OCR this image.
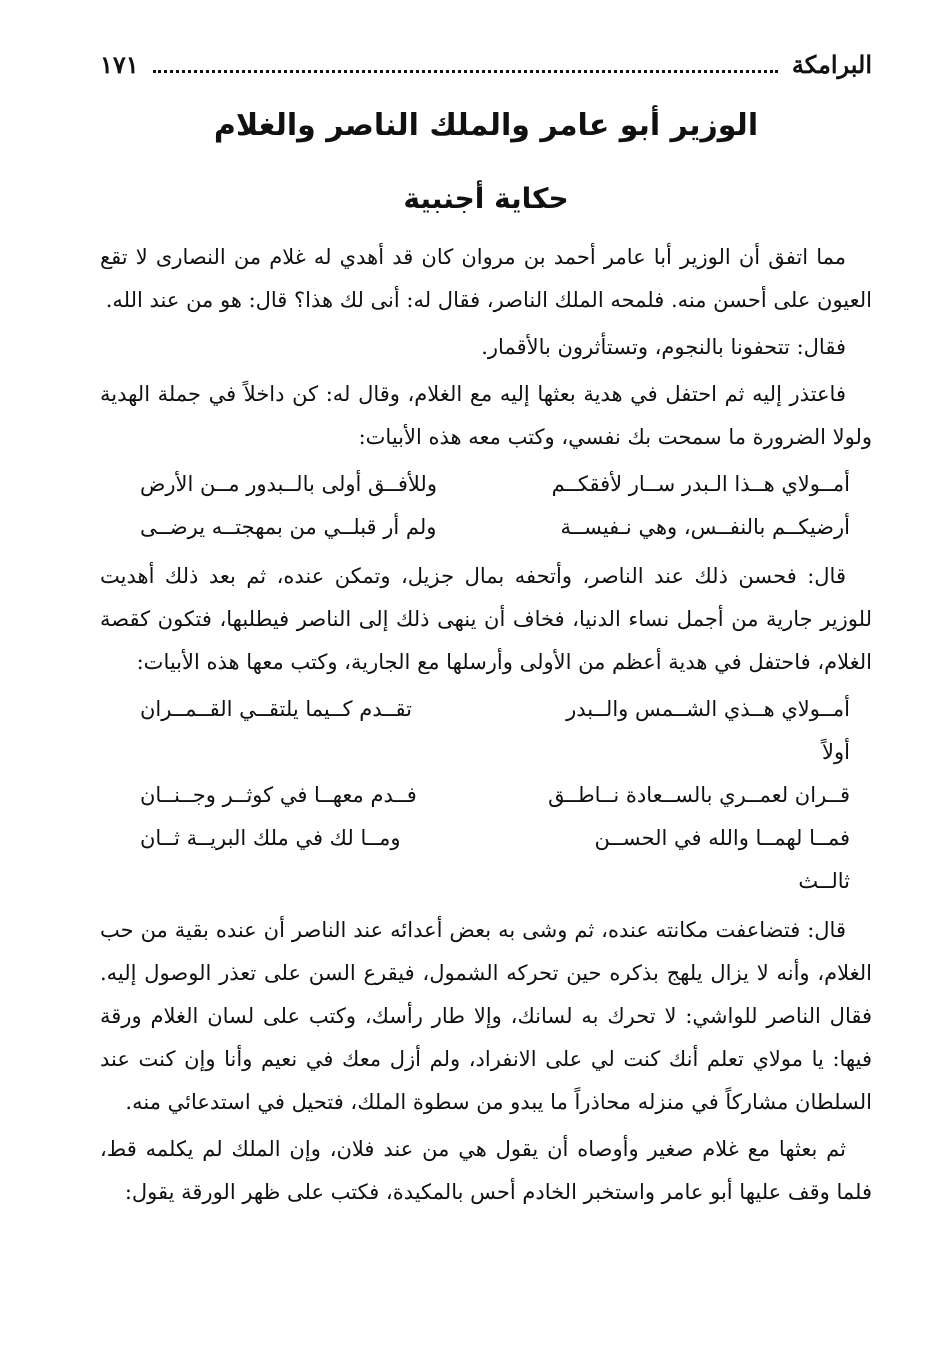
البرامكة
١٧١
الوزير أبو عامر والملك الناصر والغلام
حكاية أجنبية

مما اتفق أن الوزير أبا عامر أحمد بن مروان كان قد أهدي له غلام من النصارى لا تقع العيون على أحسن منه. فلمحه الملك الناصر، فقال له: أنى لك هذا؟ قال: هو من عند الله.

فقال: تتحفونا بالنجوم، وتستأثرون بالأقمار.

فاعتذر إليه ثم احتفل في هدية بعثها إليه مع الغلام، وقال له: كن داخلاً في جملة الهدية ولولا الضرورة ما سمحت بك نفسي، وكتب معه هذه الأبيات:

أمــولاي هــذا الـبدر ســار لأفقكــم
وللأفــق أولى بالــبدور مــن الأرض
أرضيكــم بالنفــس، وهي نـفيســة
ولم أر قبلــي من بمهجتــه يرضــى

قال: فحسن ذلك عند الناصر، وأتحفه بمال جزيل، وتمكن عنده، ثم بعد ذلك أهديت للوزير جارية من أجمل نساء الدنيا، فخاف أن ينهى ذلك إلى الناصر فيطلبها، فتكون كقصة الغلام، فاحتفل في هدية أعظم من الأولى وأرسلها مع الجارية، وكتب معها هذه الأبيات:

أمــولاي هــذي الشــمس والــبدر أولاً
تقــدم كــيما يلتقــي القــمــران
قــران لعمــري بالســعادة نــاطــق
فــدم معهــا في كوثــر وجــنــان
فمــا لهمــا والله في الحســن ثالــث
ومــا لك في ملك البريــة ثــان

قال: فتضاعفت مكانته عنده، ثم وشى به بعض أعدائه عند الناصر أن عنده بقية من حب الغلام، وأنه لا يزال يلهج بذكره حين تحركه الشمول، فيقرع السن على تعذر الوصول إليه. فقال الناصر للواشي: لا تحرك به لسانك، وإلا طار رأسك، وكتب على لسان الغلام ورقة فيها: يا مولاي تعلم أنك كنت لي على الانفراد، ولم أزل معك في نعيم وأنا وإن كنت عند السلطان مشاركاً في منزله محاذراً ما يبدو من سطوة الملك، فتحيل في استدعائي منه.

ثم بعثها مع غلام صغير وأوصاه أن يقول هي من عند فلان، وإن الملك لم يكلمه قط، فلما وقف عليها أبو عامر واستخبر الخادم أحس بالمكيدة، فكتب على ظهر الورقة يقول:
